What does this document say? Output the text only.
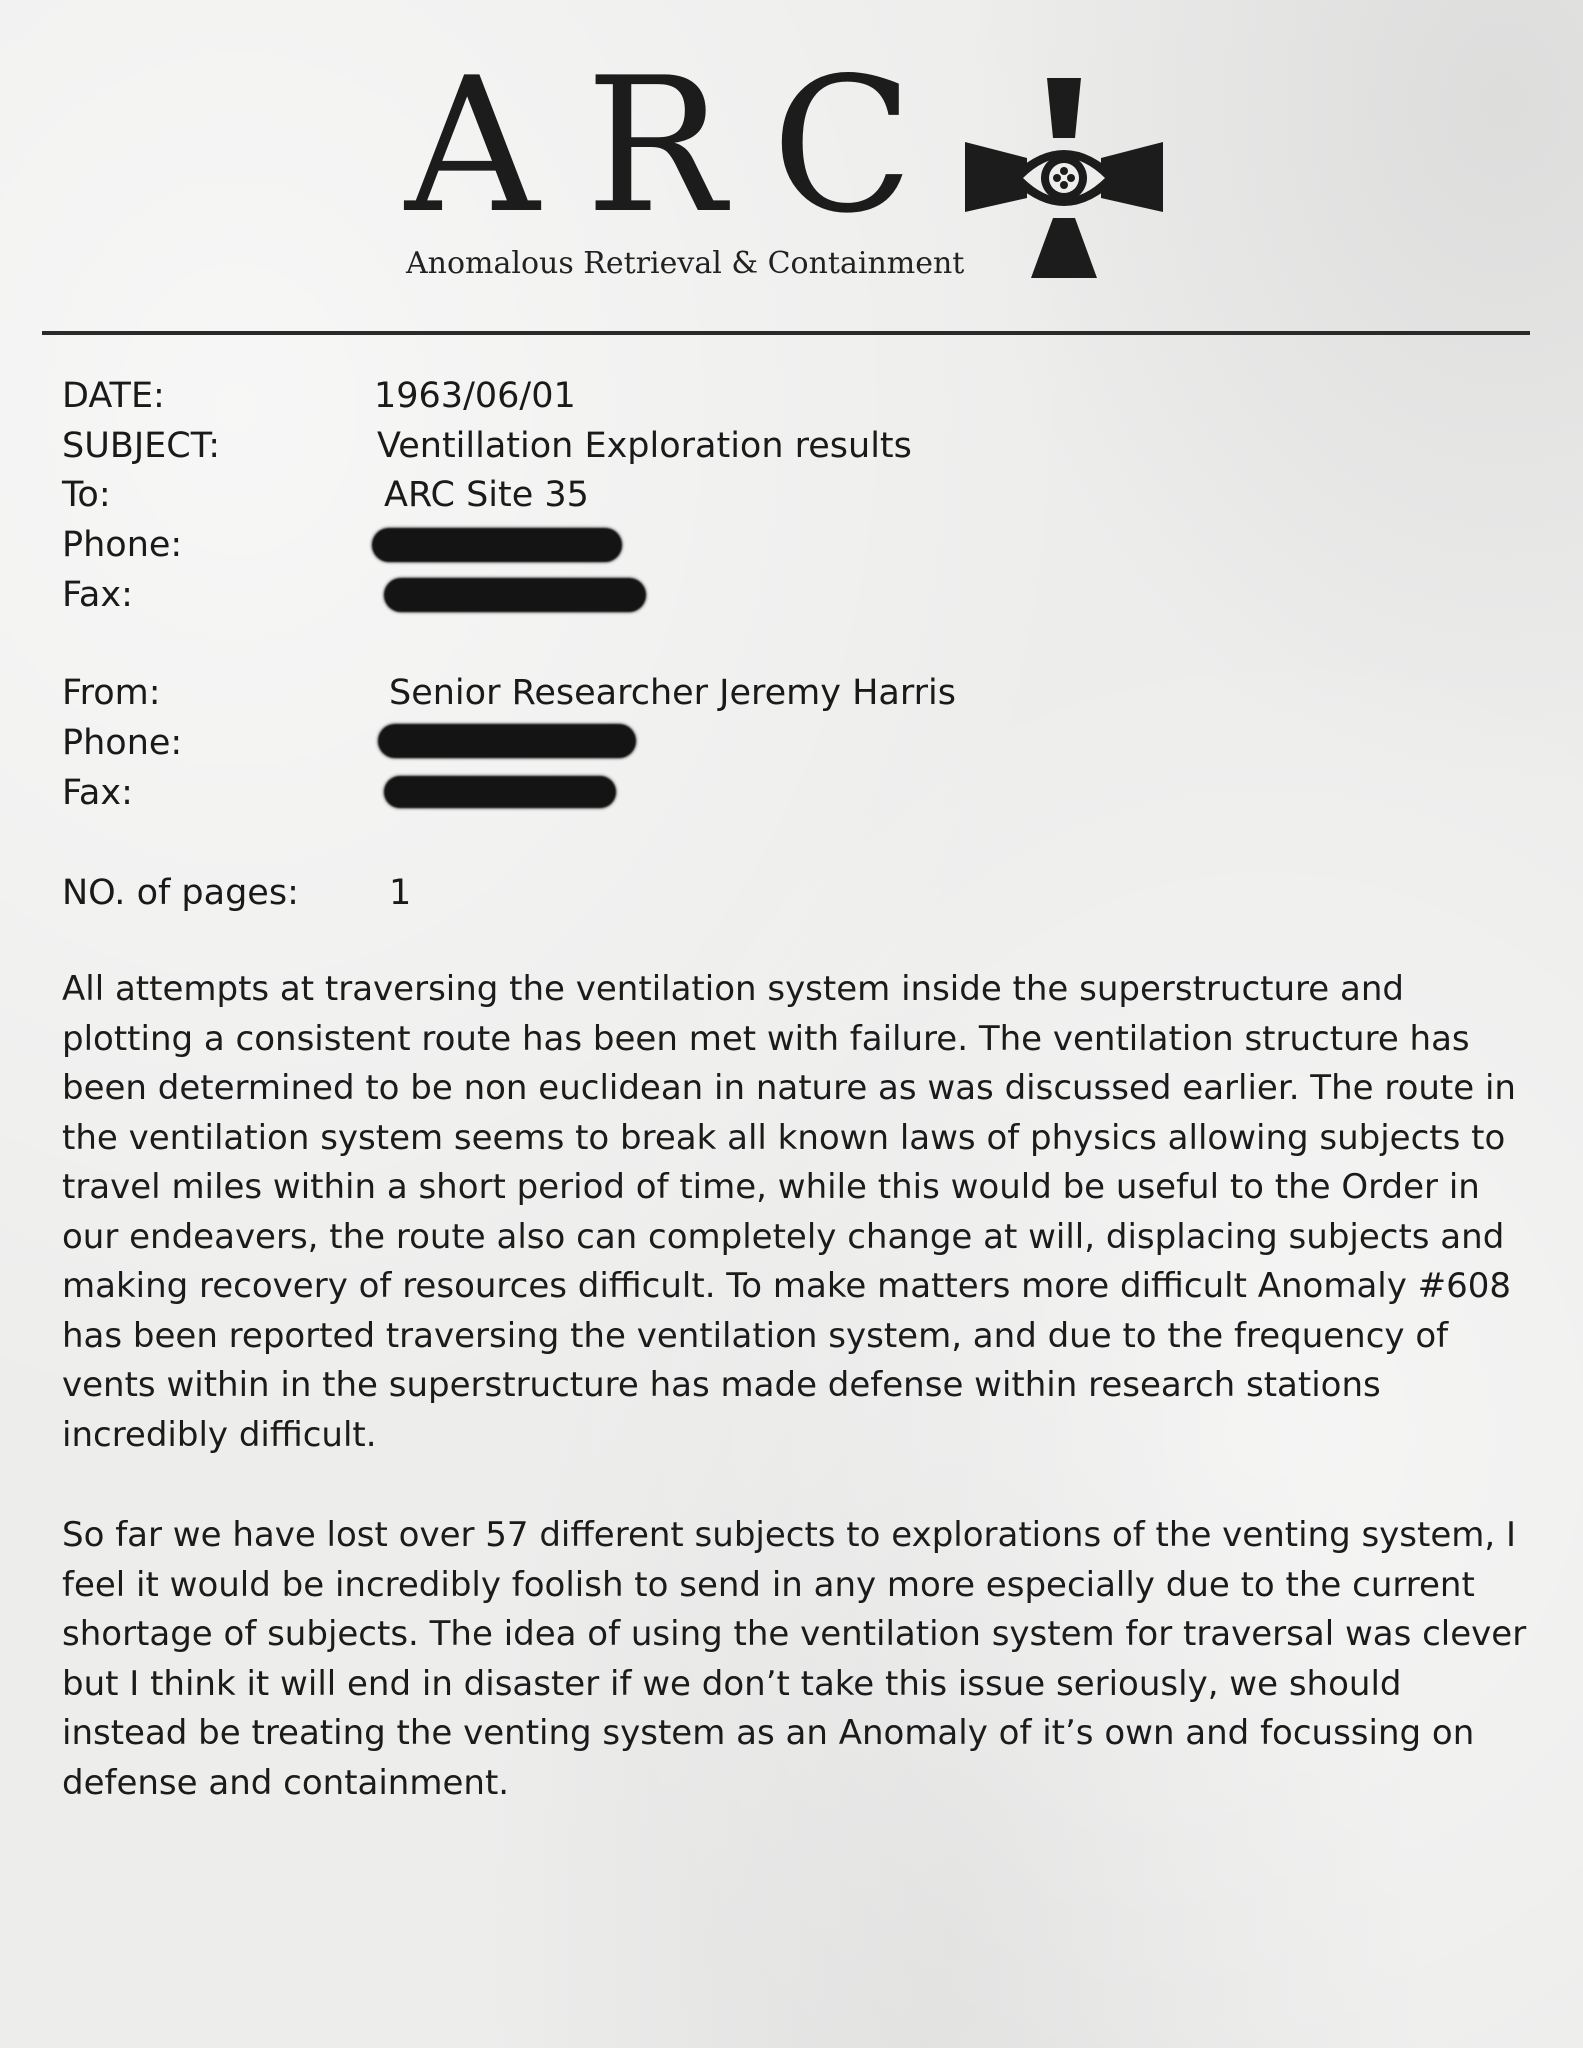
ARC
Anomalous Retrieval & Containment
DATE:	1963/06/01
SUBJECT:	Ventillation Exploration results
To:	ARC Site 35
Phone:
Fax:
From:	Senior Researcher Jeremy Harris
Phone:
Fax:
NO. of pages:	1

All attempts at traversing the ventilation system inside the superstructure and plotting a consistent route has been met with failure. The ventilation structure has been determined to be non euclidean in nature as was discussed earlier. The route in the ventilation system seems to break all known laws of physics allowing subjects to travel miles within a short period of time, while this would be useful to the Order in our endeavers, the route also can completely change at will, displacing subjects and making recovery of resources difficult. To make matters more difficult Anomaly #608 has been reported traversing the ventilation system, and due to the frequency of vents within in the superstructure has made defense within research stations incredibly difficult.

So far we have lost over 57 different subjects to explorations of the venting system, I feel it would be incredibly foolish to send in any more especially due to the current shortage of subjects. The idea of using the ventilation system for traversal was clever but I think it will end in disaster if we don’t take this issue seriously, we should instead be treating the venting system as an Anomaly of it’s own and focussing on defense and containment.
